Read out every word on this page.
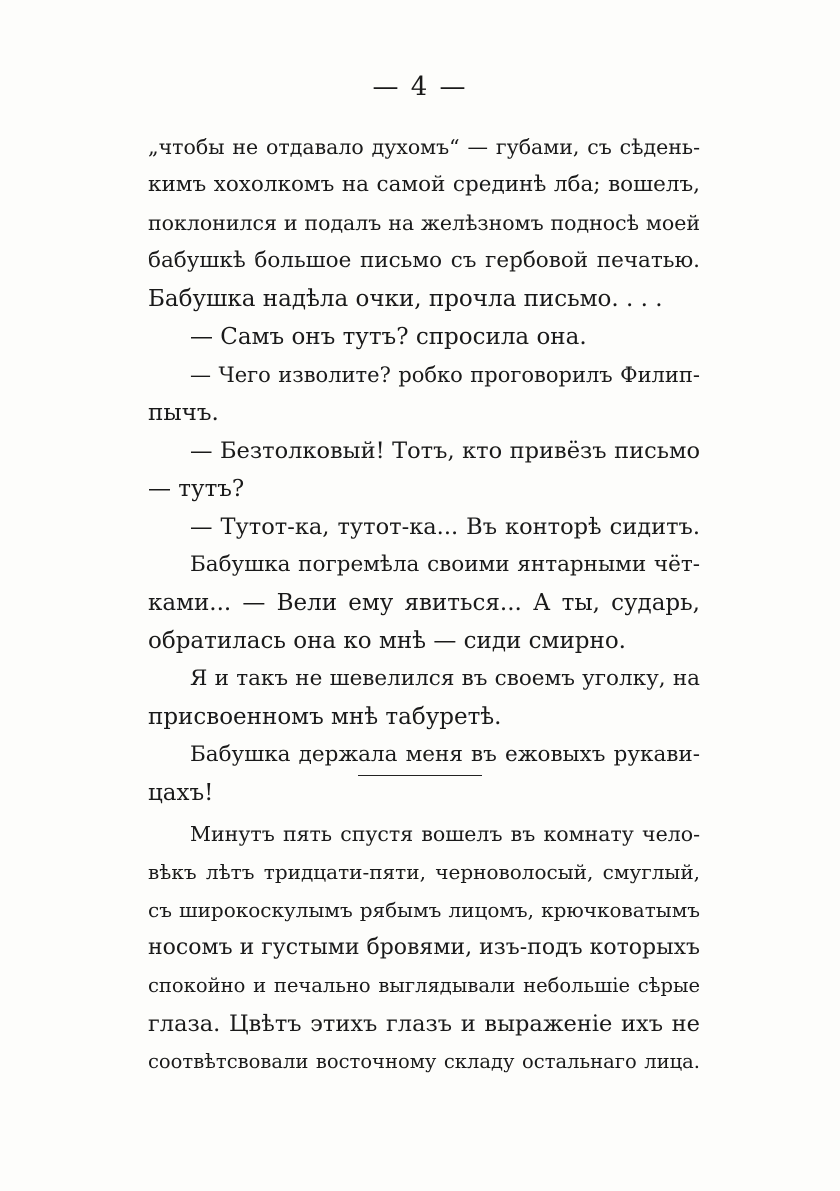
— 4 —
„чтобы не отдавало духомъ“ — губами, съ сѣдень-
кимъ хохолкомъ на самой срединѣ лба; вошелъ,
поклонился и подалъ на желѣзномъ подносѣ моей
бабушкѣ большое письмо съ гербовой печатью.
Бабушка надѣла очки, прочла письмо. . . .
— Самъ онъ тутъ? спросила она.
— Чего изволите? робко проговорилъ Филип-
пычъ.
— Безтолковый! Тотъ, кто привёзъ письмо
— тутъ?
— Тутот-ка, тутот-ка... Въ конторѣ сидитъ.
Бабушка погремѣла своими янтарными чёт-
ками... — Вели ему явиться... А ты, сударь,
обратилась она ко мнѣ — сиди смирно.
Я и такъ не шевелился въ своемъ уголку, на
присвоенномъ мнѣ табуретѣ.
Бабушка держала меня въ ежовыхъ рукави-
цахъ!
Минутъ пять спустя вошелъ въ комнату чело-
вѣкъ лѣтъ тридцати-пяти, черноволосый, смуглый,
съ широкоскулымъ рябымъ лицомъ, крючковатымъ
носомъ и густыми бровями, изъ-подъ которыхъ
спокойно и печально выглядывали небольшіе сѣрые
глаза. Цвѣтъ этихъ глазъ и выраженіе ихъ не
соотвѣтсвовали восточному складу остальнаго лица.
